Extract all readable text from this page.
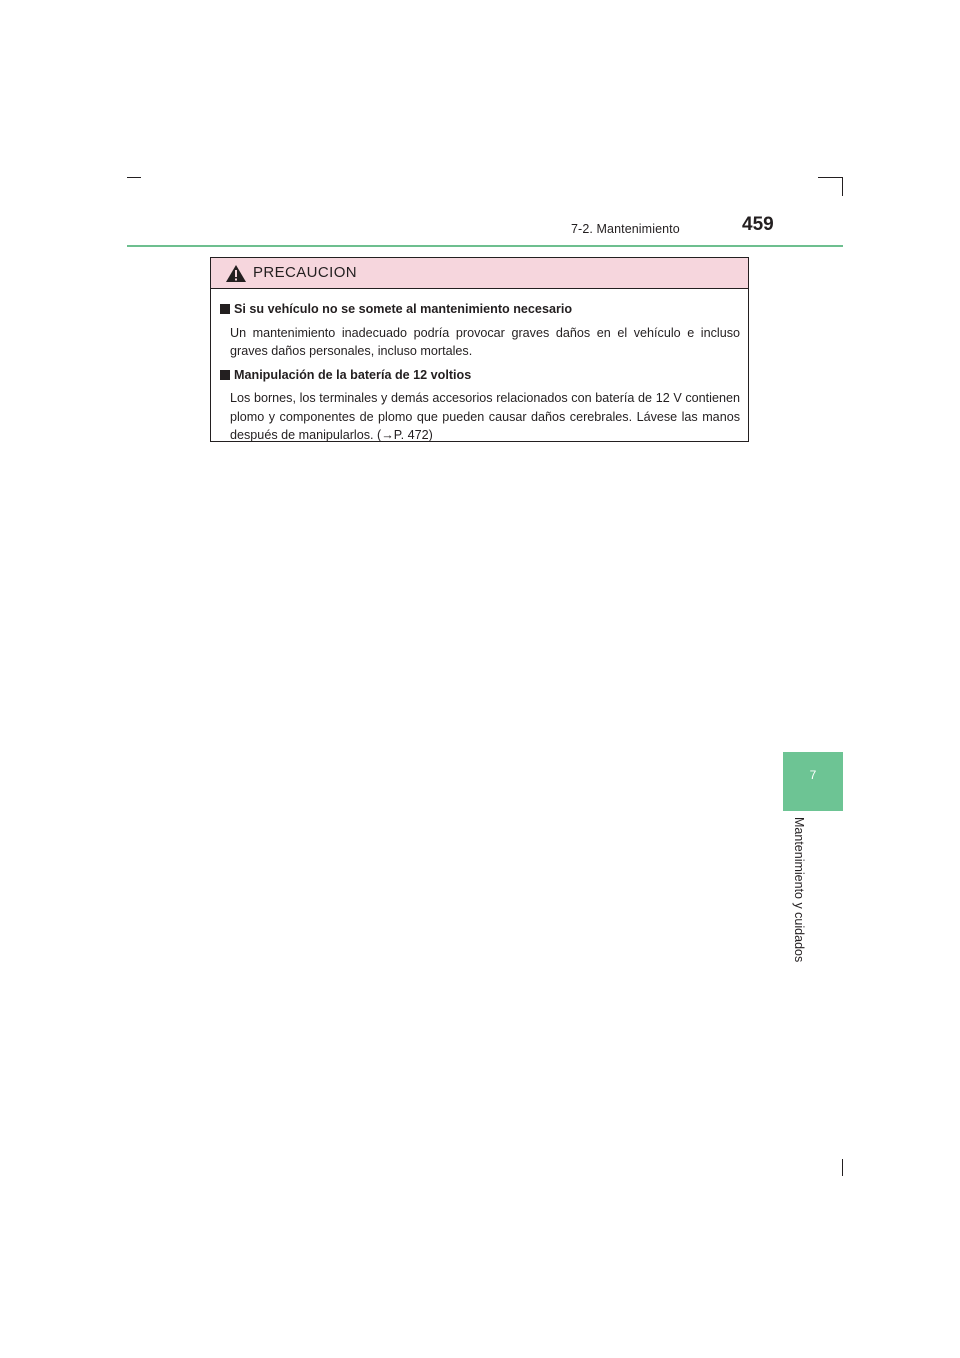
7-2. Mantenimiento	459
7
Mantenimiento y cuidados
PRECAUCION
Si su vehículo no se somete al mantenimiento necesario
Un mantenimiento inadecuado podría provocar graves daños en el vehículo e incluso graves daños personales, incluso mortales.
Manipulación de la batería de 12 voltios
Los bornes, los terminales y demás accesorios relacionados con batería de 12 V contienen plomo y componentes de plomo que pueden causar daños cerebrales. Lávese las manos después de manipularlos. (→P. 472)
